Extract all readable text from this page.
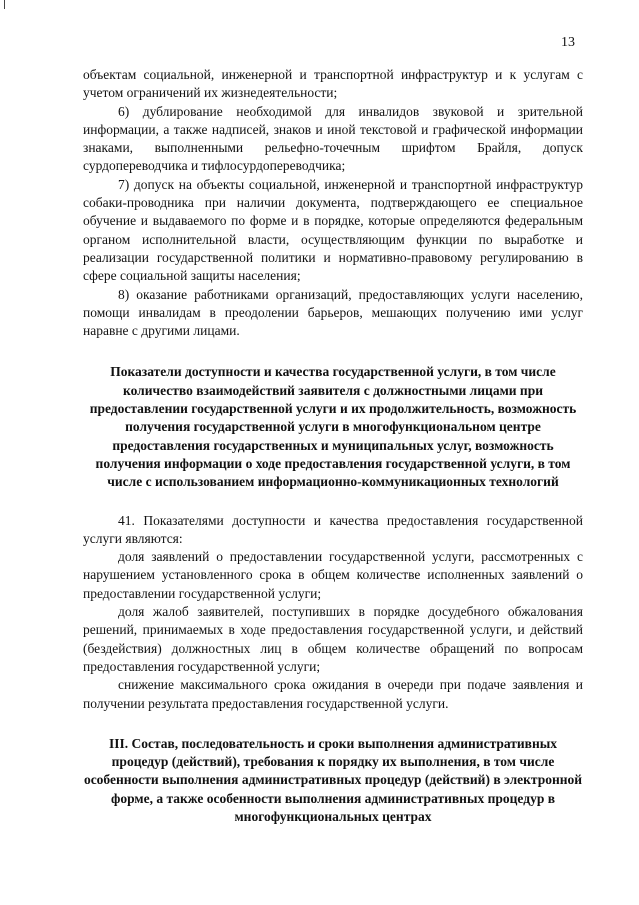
13

объектам социальной, инженерной и транспортной инфраструктур и к услугам с учетом ограничений их жизнедеятельности;

6) дублирование необходимой для инвалидов звуковой и зрительной информации, а также надписей, знаков и иной текстовой и графической информации знаками, выполненными рельефно-точечным шрифтом Брайля, допуск сурдопереводчика и тифлосурдопереводчика;

7) допуск на объекты социальной, инженерной и транспортной инфраструктур собаки-проводника при наличии документа, подтверждающего ее специальное обучение и выдаваемого по форме и в порядке, которые определяются федеральным органом исполнительной власти, осуществляющим функции по выработке и реализации государственной политики и нормативно-правовому регулированию в сфере социальной защиты населения;

8) оказание работниками организаций, предоставляющих услуги населению, помощи инвалидам в преодолении барьеров, мешающих получению ими услуг наравне с другими лицами.

Показатели доступности и качества государственной услуги, в том числе количество взаимодействий заявителя с должностными лицами при предоставлении государственной услуги и их продолжительность, возможность получения государственной услуги в многофункциональном центре предоставления государственных и муниципальных услуг, возможность получения информации о ходе предоставления государственной услуги, в том числе с использованием информационно-коммуникационных технологий

41. Показателями доступности и качества предоставления государственной услуги являются:

доля заявлений о предоставлении государственной услуги, рассмотренных с нарушением установленного срока в общем количестве исполненных заявлений о предоставлении государственной услуги;

доля жалоб заявителей, поступивших в порядке досудебного обжалования решений, принимаемых в ходе предоставления государственной услуги, и действий (бездействия) должностных лиц в общем количестве обращений по вопросам предоставления государственной услуги;

снижение максимального срока ожидания в очереди при подаче заявления и получении результата предоставления государственной услуги.

III. Состав, последовательность и сроки выполнения административных процедур (действий), требования к порядку их выполнения, в том числе особенности выполнения административных процедур (действий) в электронной форме, а также особенности выполнения административных процедур в многофункциональных центрах
